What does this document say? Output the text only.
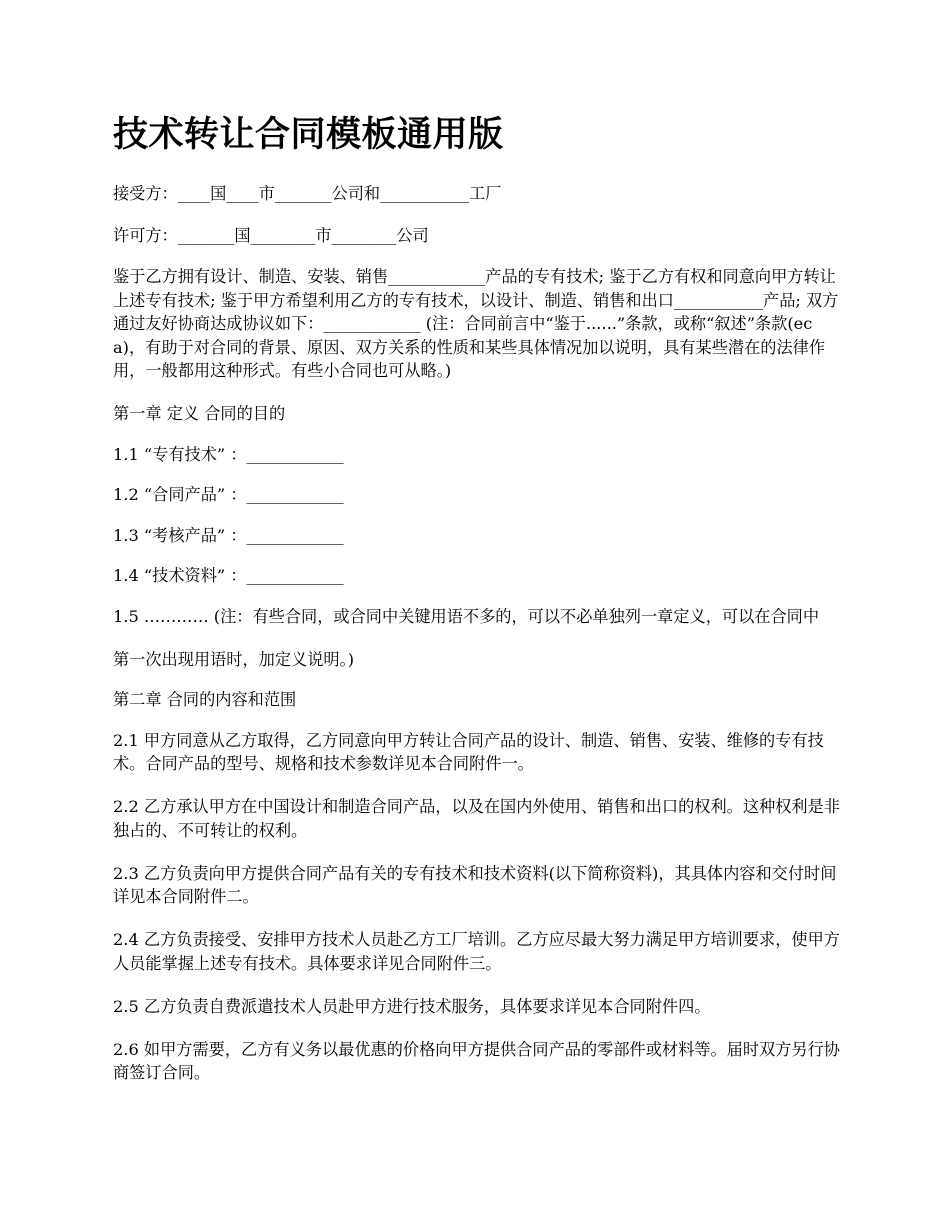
技术转让合同模板通用版

接受方：____国____市_______公司和___________工厂

许可方：_______国________市________公司

鉴于乙方拥有设计、制造、安装、销售____________产品的专有技术; 鉴于乙方有权和同意向甲方转让上述专有技术; 鉴于甲方希望利用乙方的专有技术，以设计、制造、销售和出口___________产品; 双方通过友好协商达成协议如下：____________ (注：合同前言中“鉴于......”条款，或称“叙述”条款(eca)，有助于对合同的背景、原因、双方关系的性质和某些具体情况加以说明，具有某些潜在的法律作用，一般都用这种形式。有些小合同也可从略。)

第一章 定义 合同的目的

1.1 “专有技术” ：____________

1.2 “合同产品” ：____________

1.3 “考核产品” ：____________

1.4 “技术资料” ：____________

1.5 ………… (注：有些合同，或合同中关键用语不多的，可以不必单独列一章定义，可以在合同中

第一次出现用语时，加定义说明。)

第二章 合同的内容和范围

2.1 甲方同意从乙方取得，乙方同意向甲方转让合同产品的设计、制造、销售、安装、维修的专有技术。合同产品的型号、规格和技术参数详见本合同附件一。

2.2 乙方承认甲方在中国设计和制造合同产品，以及在国内外使用、销售和出口的权利。这种权利是非独占的、不可转让的权利。

2.3 乙方负责向甲方提供合同产品有关的专有技术和技术资料(以下简称资料)，其具体内容和交付时间详见本合同附件二。

2.4 乙方负责接受、安排甲方技术人员赴乙方工厂培训。乙方应尽最大努力满足甲方培训要求，使甲方人员能掌握上述专有技术。具体要求详见合同附件三。

2.5 乙方负责自费派遣技术人员赴甲方进行技术服务，具体要求详见本合同附件四。

2.6 如甲方需要，乙方有义务以最优惠的价格向甲方提供合同产品的零部件或材料等。届时双方另行协商签订合同。
